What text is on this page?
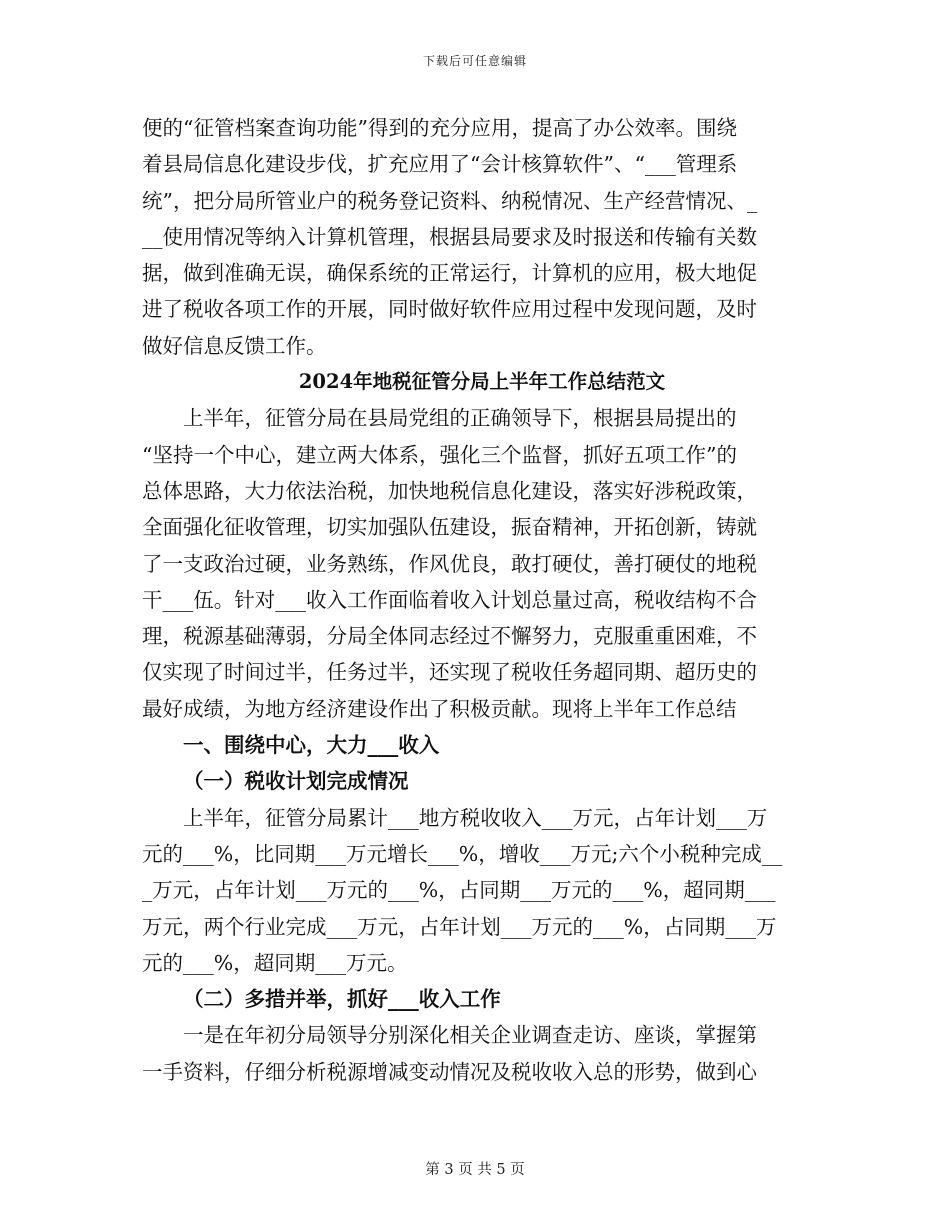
下载后可任意编辑
便的“征管档案查询功能”得到的充分应用，提高了办公效率。围绕
着县局信息化建设步伐，扩充应用了“会计核算软件”、“___管理系
统”，把分局所管业户的税务登记资料、纳税情况、生产经营情况、_
__使用情况等纳入计算机管理，根据县局要求及时报送和传输有关数
据，做到准确无误，确保系统的正常运行，计算机的应用，极大地促
进了税收各项工作的开展，同时做好软件应用过程中发现问题，及时
做好信息反馈工作。
2024年地税征管分局上半年工作总结范文
上半年，征管分局在县局党组的正确领导下，根据县局提出的
“坚持一个中心，建立两大体系，强化三个监督，抓好五项工作”的
总体思路，大力依法治税，加快地税信息化建设，落实好涉税政策，
全面强化征收管理，切实加强队伍建设，振奋精神，开拓创新，铸就
了一支政治过硬，业务熟练，作风优良，敢打硬仗，善打硬仗的地税
干___伍。针对___收入工作面临着收入计划总量过高，税收结构不合
理，税源基础薄弱，分局全体同志经过不懈努力，克服重重困难，不
仅实现了时间过半，任务过半，还实现了税收任务超同期、超历史的
最好成绩，为地方经济建设作出了积极贡献。现将上半年工作总结
一、围绕中心，大力___收入
（一）税收计划完成情况
上半年，征管分局累计___地方税收收入___万元，占年计划___万
元的___%，比同期___万元增长___%，增收___万元;六个小税种完成__
_万元，占年计划___万元的___%，占同期___万元的___%，超同期___
万元，两个行业完成___万元，占年计划___万元的___%，占同期___万
元的___%，超同期___万元。
（二）多措并举，抓好___收入工作
一是在年初分局领导分别深化相关企业调查走访、座谈，掌握第
一手资料，仔细分析税源增减变动情况及税收收入总的形势，做到心
第 3 页 共 5 页
